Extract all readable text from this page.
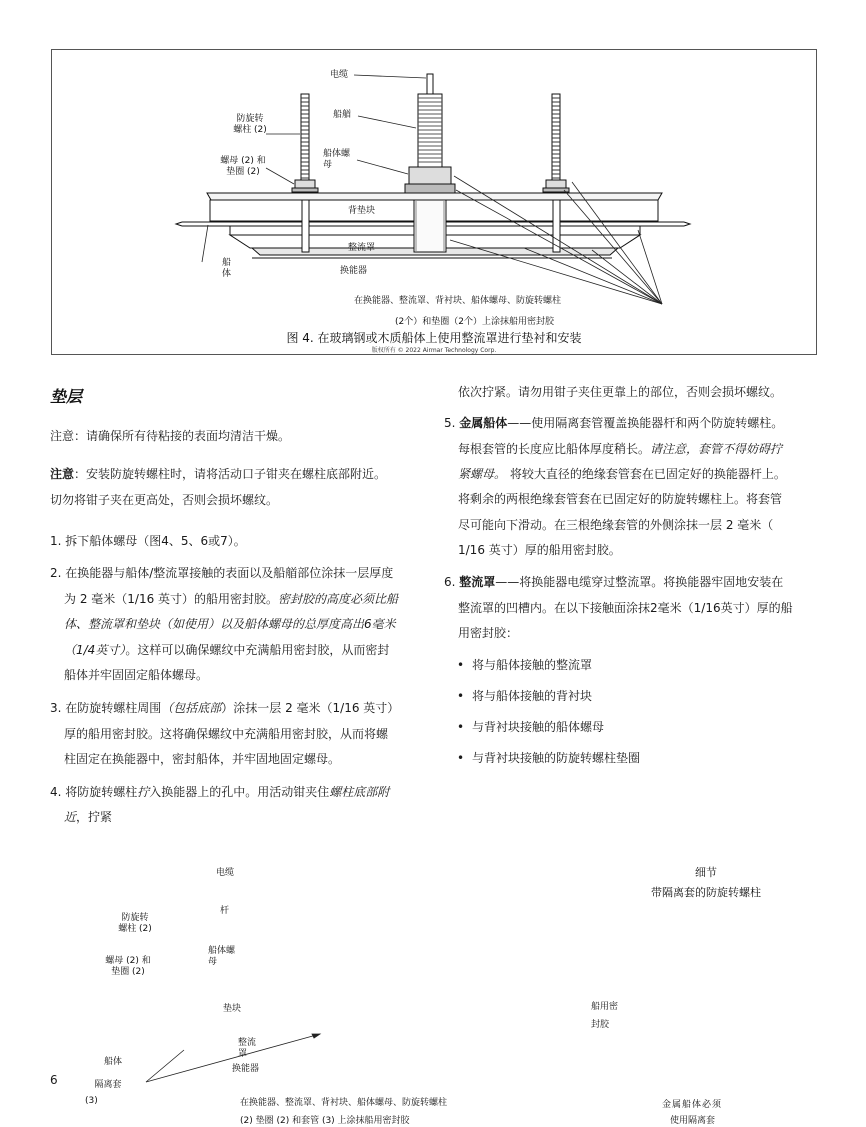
电缆
船艏
防旋转
螺柱 (2)
螺母 (2) 和
垫圈 (2)
船体螺
母
背垫块
整流罩
船
体	换能器
在换能器、整流罩、背衬块、船体螺母、防旋转螺柱
(2个）和垫圈（2个）上涂抹船用密封胶
图 4. 在玻璃钢或木质船体上使用整流罩进行垫衬和安装
版权所有 © 2022 Airmar Technology Corp.
垫层
注意：请确保所有待粘接的表面均清洁干燥。
注意：安装防旋转螺柱时，请将活动口子钳夹在螺柱底部附近。
切勿将钳子夹在更高处，否则会损坏螺纹。
1. 拆下船体螺母（图4、5、6或7）。
2. 在换能器与船体/整流罩接触的表面以及船艏部位涂抹一层厚度
为 2 毫米（1/16 英寸）的船用密封胶。密封胶的高度必须比船
体、整流罩和垫块（如使用）以及船体螺母的总厚度高出6毫米
（1/4英寸）。这样可以确保螺纹中充满船用密封胶，从而密封
船体并牢固固定船体螺母。
3. 在防旋转螺柱周围（包括底部）涂抹一层 2 毫米（1/16 英寸）
厚的船用密封胶。这将确保螺纹中充满船用密封胶，从而将螺
柱固定在换能器中，密封船体，并牢固地固定螺母。
4. 将防旋转螺柱拧入换能器上的孔中。用活动钳夹住螺柱底部附
近，拧紧
依次拧紧。请勿用钳子夹住更靠上的部位，否则会损坏螺纹。
5. 金属船体——使用隔离套管覆盖换能器杆和两个防旋转螺柱。
每根套管的长度应比船体厚度稍长。请注意，套管不得妨碍拧
紧螺母。 将较大直径的绝缘套管套在已固定好的换能器杆上。
将剩余的两根绝缘套管套在已固定好的防旋转螺柱上。将套管
尽可能向下滑动。在三根绝缘套管的外侧涂抹一层 2 毫米（
1/16 英寸）厚的船用密封胶。
6. 整流罩——将换能器电缆穿过整流罩。将换能器牢固地安装在
整流罩的凹槽内。在以下接触面涂抹2毫米（1/16英寸）厚的船
用密封胶：
• 将与船体接触的整流罩
• 将与船体接触的背衬块
• 与背衬块接触的船体螺母
• 与背衬块接触的防旋转螺柱垫圈
电缆
杆
防旋转
螺柱 (2)
船体螺
母
螺母 (2) 和
垫圈 (2)
垫块
整流
罩
船体
换能器
隔离套
(3)	在换能器、整流罩、背衬块、船体螺母、防旋转螺柱
(2) 垫圈 (2) 和套管 (3) 上涂抹船用密封胶
细节
带隔离套的防旋转螺柱
船用密
封胶
金属船体必须
使用隔离套
6
